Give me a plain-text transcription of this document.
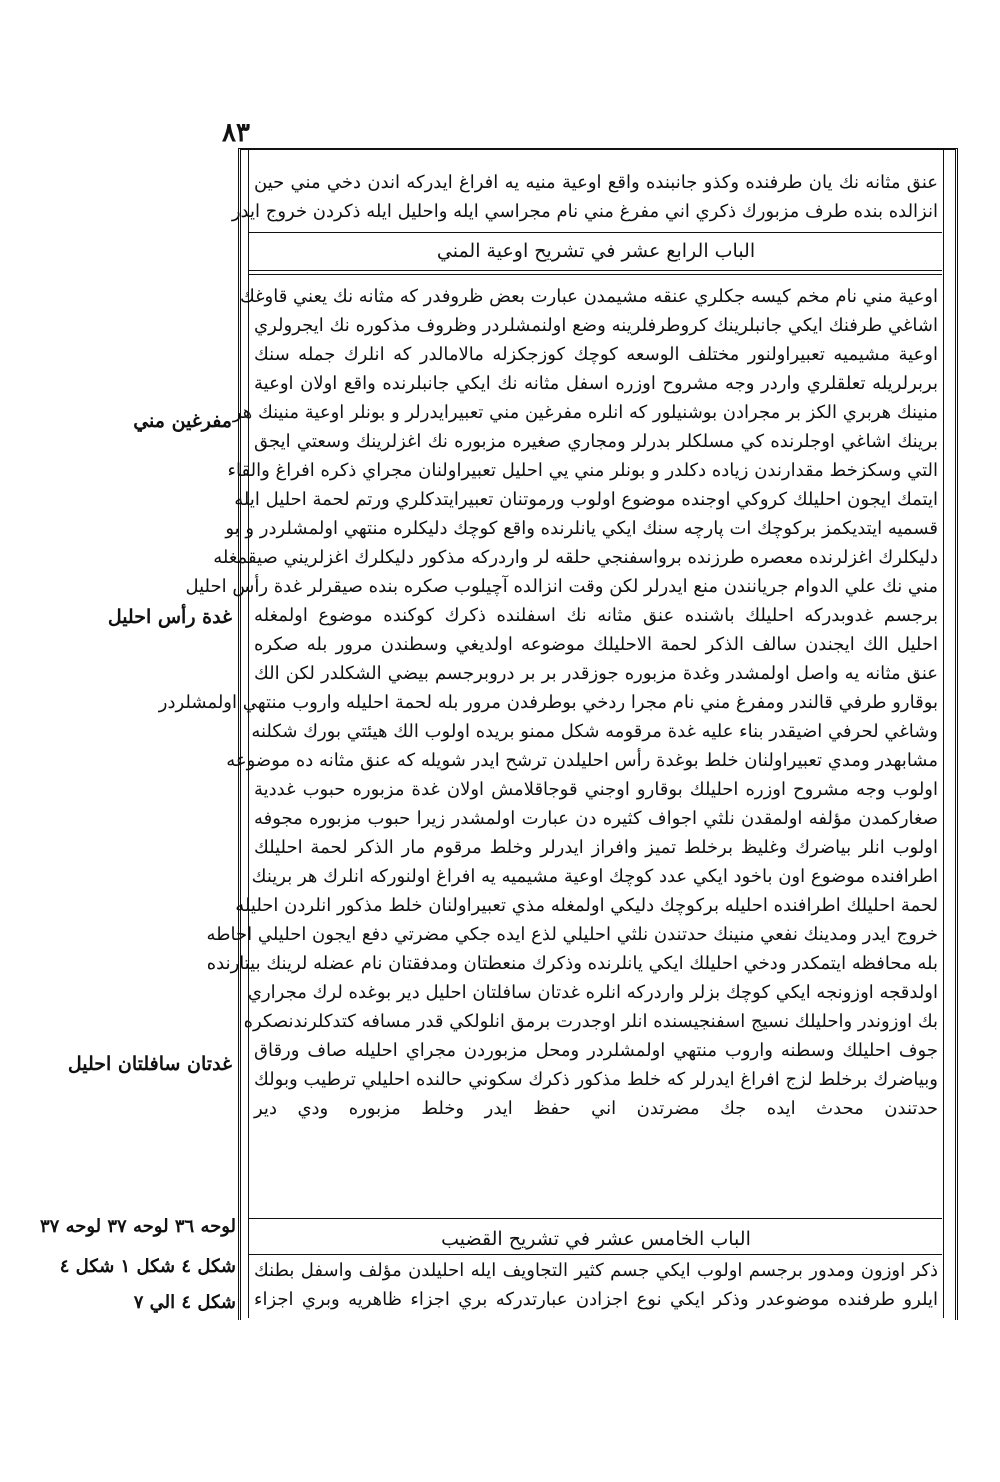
٨٣
عنق مثانه نك يان طرفنده وكذو جانبنده واقع اوعية منيه يه افراغ ايدركه اندن دخي مني حين
انزالده بنده طرف مزبورك ذكري اني مفرغ مني نام مجراسي ايله واحليل ايله ذكردن خروج ايدر
الباب الرابع عشر في تشريح اوعية المني
اوعية مني نام مخم كيسه جكلري عنقه مشيمدن عبارت بعض ظروفدر كه مثانه نك يعني قاوغك
اشاغي طرفنك ايكي جانبلرينك كروطرفلرينه وضع اولنمشلردر وظروف مذكوره نك ايجرولري
اوعية مشيميه تعبيراولنور مختلف الوسعه كوچك كوزجكزله مالامالدر كه انلرك جمله سنك
بربرلريله تعلقلري واردر وجه مشروح اوزره اسفل مثانه نك ايكي جانبلرنده واقع اولان اوعية
منينك هربري الكز بر مجرادن بوشنيلور كه انلره مفرغين مني تعبيرايدرلر و بونلر اوعية منينك هر
برينك اشاغي اوجلرنده كي مسلكلر بدرلر ومجاري صغيره مزبوره نك اغزلرينك وسعتي ايجق
التي وسكزخط مقدارندن زياده دكلدر و بونلر مني يي احليل تعبيراولنان مجراي ذكره افراغ والقاء
ايتمك ايجون احليلك كروكي اوجنده موضوع اولوب ورموتنان تعبيرايتدكلري ورتم لحمة احليل ايله
قسميه ايتديكمز بركوچك ات پارچه سنك ايكي يانلرنده واقع كوچك دليكلره منتهي اولمشلردر و بو
دليكلرك اغزلرنده معصره طرزنده برواسفنجي حلقه لر واردركه مذكور دليكلرك اغزلريني صيقمغله
مني نك علي الدوام جريانندن منع ايدرلر لكن وقت انزالده آچيلوب صكره بنده صيقرلر غدة رأس احليل
برجسم غدوبدركه احليلك باشنده عنق مثانه نك اسفلنده ذكرك كوكنده موضوع اولمغله
احليل الك ايجندن سالف الذكر لحمة الاحليلك موضوعه اولديغي وسطندن مرور بله صكره
عنق مثانه يه واصل اولمشدر وغدة مزبوره جوزقدر بر بر دروبرجسم بيضي الشكلدر لكن الك
بوقارو طرفي قالندر ومفرغ مني نام مجرا ردخي بوطرفدن مرور بله لحمة احليله واروب منتهي اولمشلردر
وشاغي لحرفي اضيقدر بناء عليه غدة مرقومه شكل ممنو بريده اولوب الك هيئتي بورك شكلنه
مشابهدر ومدي تعبيراولنان خلط بوغدة رأس احليلدن ترشح ايدر شويله كه عنق مثانه ده موضوعه
اولوب وجه مشروح اوزره احليلك بوقارو اوجني قوجاقلامش اولان غدة مزبوره حبوب غددية
صغاركمدن مؤلفه اولمقدن نلثي اجواف كثيره دن عبارت اولمشدر زيرا حبوب مزبوره مجوفه
اولوب انلر بياضرك وغليظ برخلط تميز وافراز ايدرلر وخلط مرقوم مار الذكر لحمة احليلك
اطرافنده موضوع اون باخود ايكي عدد كوچك اوعية مشيميه يه افراغ اولنوركه انلرك هر برينك
لحمة احليلك اطرافنده احليله بركوچك دليكي اولمغله مذي تعبيراولنان خلط مذكور انلردن احليله
خروج ايدر ومدينك نفعي منينك حدتندن نلثي احليلي لذع ايده جكي مضرتي دفع ايجون احليلي احاطه
بله محافظه ايتمكدر ودخي احليلك ايكي يانلرنده وذكرك منعطتان ومدفقتان نام عضله لرينك بيتارنده
اولدقجه اوزونجه ايكي كوچك بزلر واردركه انلره غدتان سافلتان احليل دير بوغده لرك مجراري
بك اوزوندر واحليلك نسيج اسفنجيسنده انلر اوجدرت برمق انلولكي قدر مسافه كتدكلرندنصكره
جوف احليلك وسطنه واروب منتهي اولمشلردر ومحل مزبوردن مجراي احليله صاف ورقاق
وبياضرك برخلط لزج افراغ ايدرلر كه خلط مذكور ذكرك سكوني حالنده احليلي ترطيب وبولك
حدتندن محدث ايده جك مضرتدن اني حفظ ايدر وخلط مزبوره ودي دير
الباب الخامس عشر في تشريح القضيب
ذكر اوزون ومدور برجسم اولوب ايكي جسم كثير التجاويف ايله احليلدن مؤلف واسفل بطنك
ايلرو طرفنده موضوعدر وذكر ايكي نوع اجزادن عبارتدركه بري اجزاء ظاهريه وبري اجزاء
مفرغين مني
غدة رأس احليل
غدتان سافلتان احليل
لوحه ٣٦ لوحه ٣٧ لوحه ٣٧
شكل ٤ شكل ١ شكل ٤
شكل ٤ الي ٧
